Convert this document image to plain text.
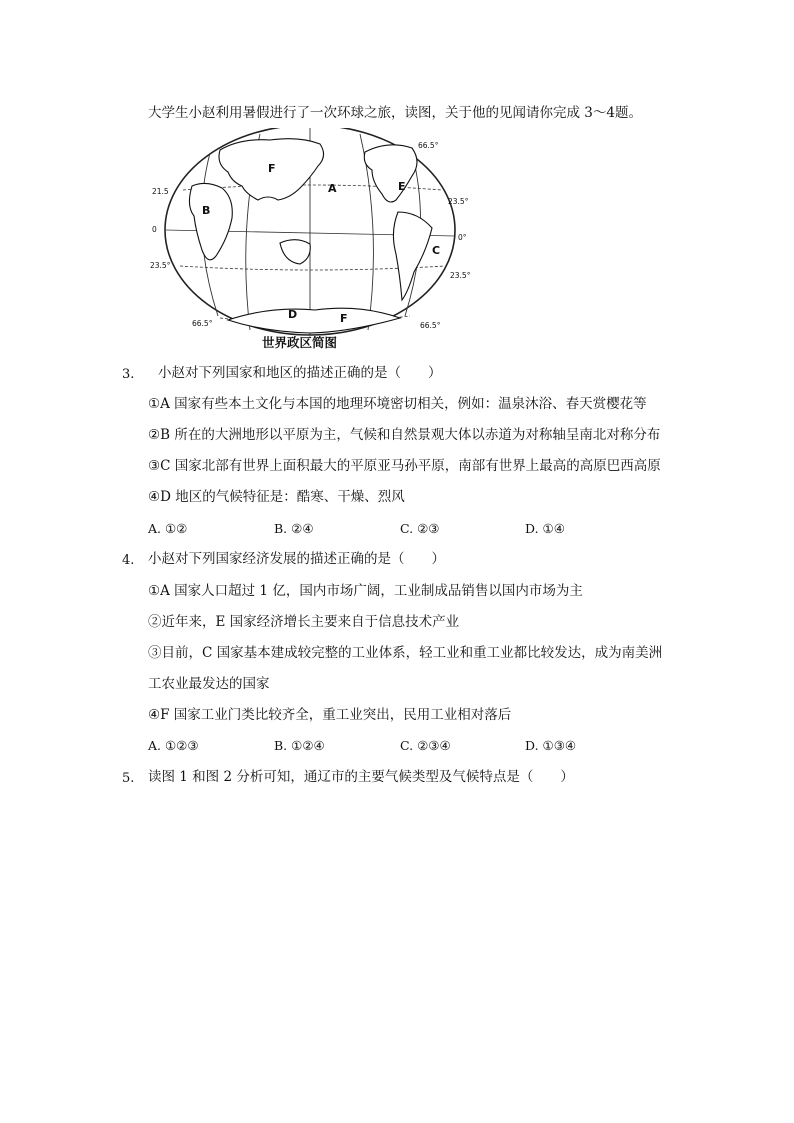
大学生小赵利用暑假进行了一次环球之旅，读图，关于他的见闻请你完成 3～4题。
66.5°
23.5°
0°
23.5°
66.5°
21.5
0
23.5°
66.5°
F
B
A	E
C
D	F
世界政区简图
3. 小赵对下列国家和地区的描述正确的是（　　）
①A 国家有些本土文化与本国的地理环境密切相关，例如：温泉沐浴、春天赏樱花等
②B 所在的大洲地形以平原为主，气候和自然景观大体以赤道为对称轴呈南北对称分布
③C 国家北部有世界上面积最大的平原亚马孙平原，南部有世界上最高的高原巴西高原
④D 地区的气候特征是：酷寒、干燥、烈风
A. ①②	B. ②④	C. ②③	D. ①④
4. 小赵对下列国家经济发展的描述正确的是（　　）
①A 国家人口超过 1 亿，国内市场广阔，工业制成品销售以国内市场为主
②近年来，E 国家经济增长主要来自于信息技术产业
③目前，C 国家基本建成较完整的工业体系，轻工业和重工业都比较发达，成为南美洲
工农业最发达的国家
④F 国家工业门类比较齐全，重工业突出，民用工业相对落后
A. ①②③	B. ①②④	C. ②③④	D. ①③④
5. 读图 1 和图 2 分析可知，通辽市的主要气候类型及气候特点是（　　）
